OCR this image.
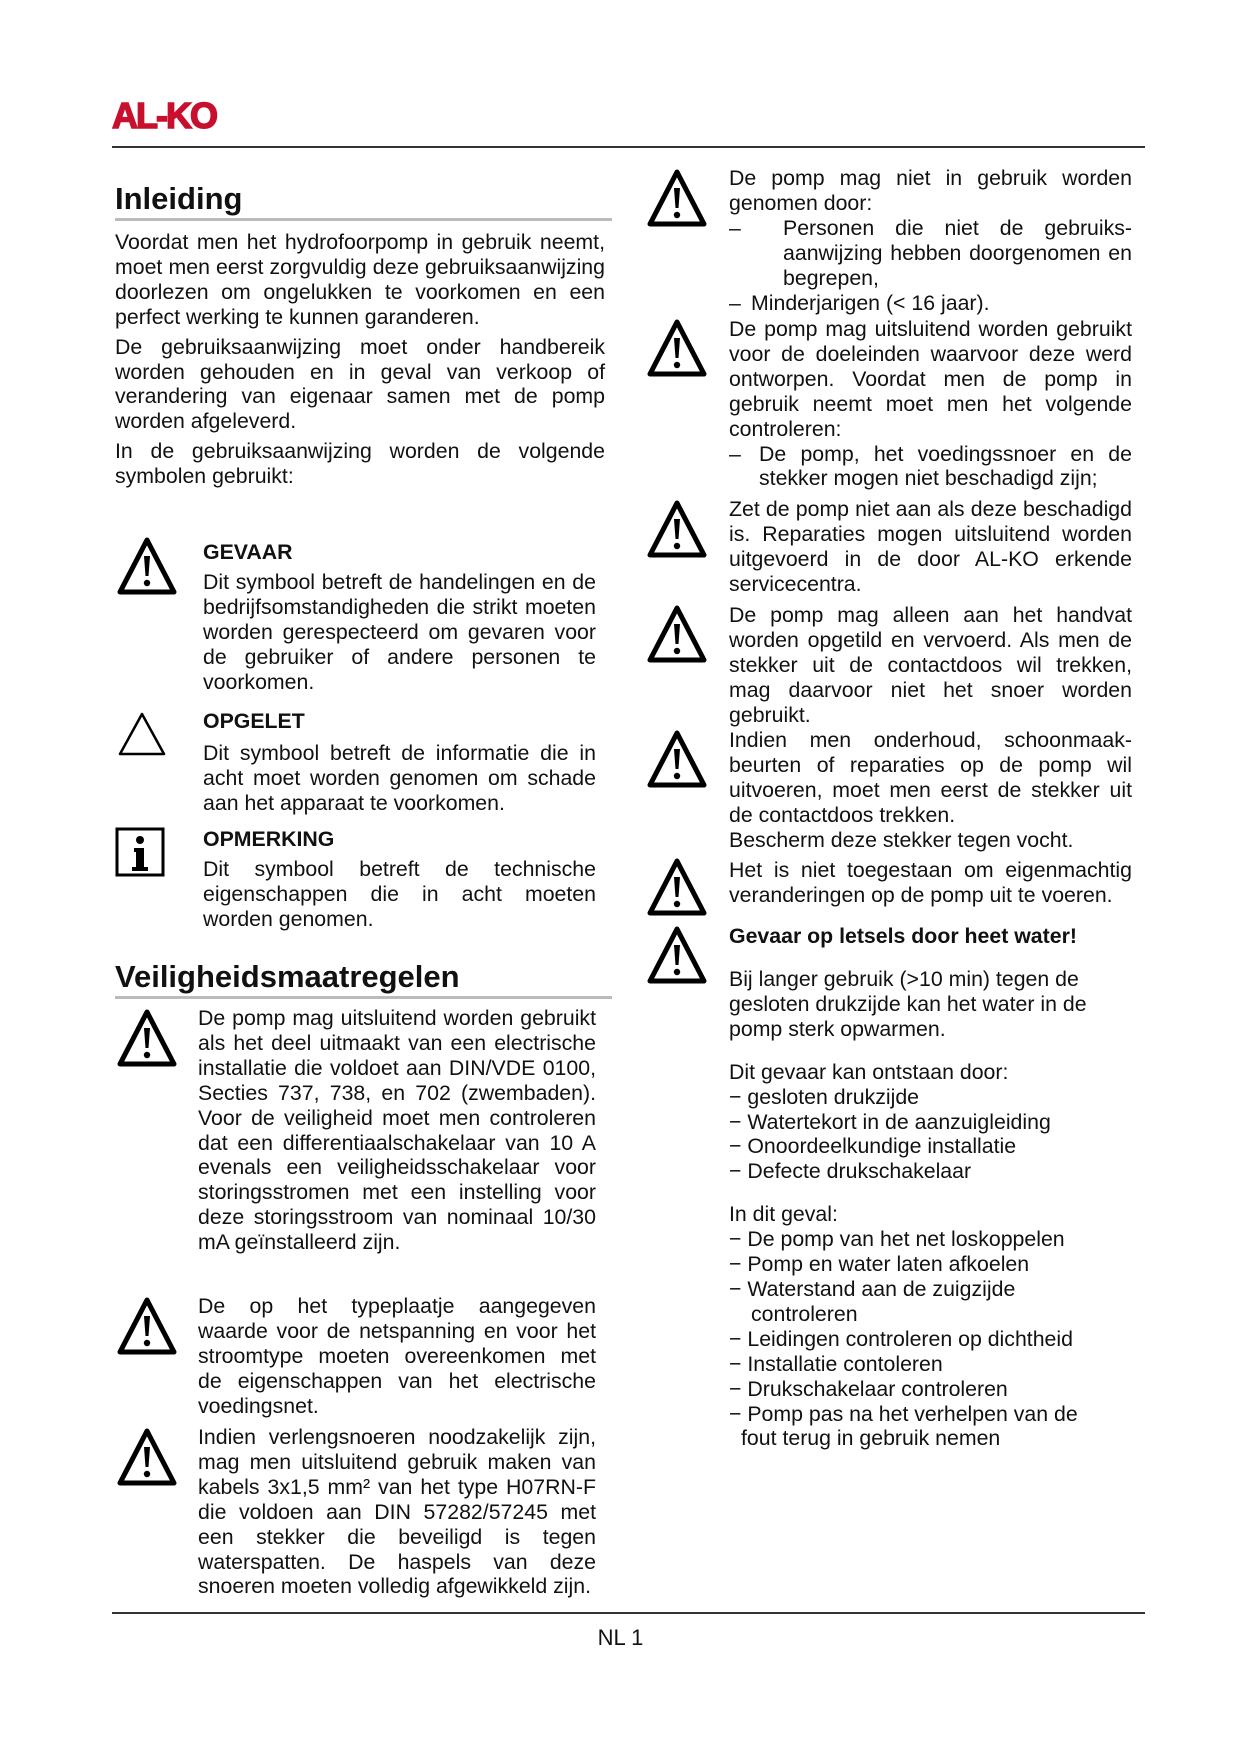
AL-KO
Inleiding

Voordat men het hydrofoorpomp in gebruik neemt, moet men eerst zorgvuldig deze gebruiksaanwijzing doorlezen om ongelukken te voorkomen en een perfect werking te kunnen garanderen.

De gebruiksaanwijzing moet onder handbereik worden gehouden en in geval van verkoop of verandering van eigenaar samen met de pomp worden afgeleverd.

In de gebruiksaanwijzing worden de volgende symbolen gebruikt:

GEVAAR

Dit symbool betreft de handelingen en de bedrijfsomstandigheden die strikt moeten worden gerespecteerd om gevaren voor de gebruiker of andere personen te voorkomen.

OPGELET

Dit symbool betreft de informatie die in acht moet worden genomen om schade aan het apparaat te voorkomen.

OPMERKING

Dit symbool betreft de technische eigenschappen die in acht moeten worden genomen.

Veiligheidsmaatregelen
De pomp mag uitsluitend worden gebruikt als het deel uitmaakt van een electrische installatie die voldoet aan DIN/VDE 0100, Secties 737, 738, en 702 (zwembaden). Voor de veiligheid moet men controleren dat een differentiaalschakelaar van 10 A evenals een veiligheidsschakelaar voor storingsstromen met een instelling voor deze storingsstroom van nominaal 10/30 mA geïnstalleerd zijn.
De op het typeplaatje aangegeven waarde voor de netspanning en voor het stroomtype moeten overeenkomen met de eigenschappen van het electrische voedingsnet.
Indien verlengsnoeren noodzakelijk zijn, mag men uitsluitend gebruik maken van kabels 3x1,5 mm² van het type H07RN-F die voldoen aan DIN 57282/57245 met een stekker die beveiligd is tegen waterspatten. De haspels van deze snoeren moeten volledig afgewikkeld zijn.

De pomp mag niet in gebruik worden genomen door:

–	Personen die niet de gebruiks-aanwijzing hebben doorgenomen en begrepen,
– Minderjarigen (< 16 jaar).

De pomp mag uitsluitend worden gebruikt voor de doeleinden waarvoor deze werd ontworpen. Voordat men de pomp in gebruik neemt moet men het volgende controleren:

– De pomp, het voedingssnoer en de stekker mogen niet beschadigd zijn;
Zet de pomp niet aan als deze beschadigd is. Reparaties mogen uitsluitend worden uitgevoerd in de door AL-KO erkende servicecentra.
De pomp mag alleen aan het handvat worden opgetild en vervoerd. Als men de stekker uit de contactdoos wil trekken, mag daarvoor niet het snoer worden gebruikt.

Indien men onderhoud, schoonmaak-beurten of reparaties op de pomp wil uitvoeren, moet men eerst de stekker uit de contactdoos trekken.

Bescherm deze stekker tegen vocht.

Het is niet toegestaan om eigenmachtig veranderingen op de pomp uit te voeren.
Gevaar op letsels door heet water!

Bij langer gebruik (>10 min) tegen de gesloten drukzijde kan het water in de pomp sterk opwarmen.

Dit gevaar kan ontstaan door:

− gesloten drukzijde
− Watertekort in de aanzuigleiding
− Onoordeelkundige installatie
− Defecte drukschakelaar

In dit geval:

− De pomp van het net loskoppelen
− Pomp en water laten afkoelen
− Waterstand aan de zuigzijde
controleren
− Leidingen controleren op dichtheid
− Installatie contoleren
− Drukschakelaar controleren
− Pomp pas na het verhelpen van de
fout terug in gebruik nemen
NL 1
